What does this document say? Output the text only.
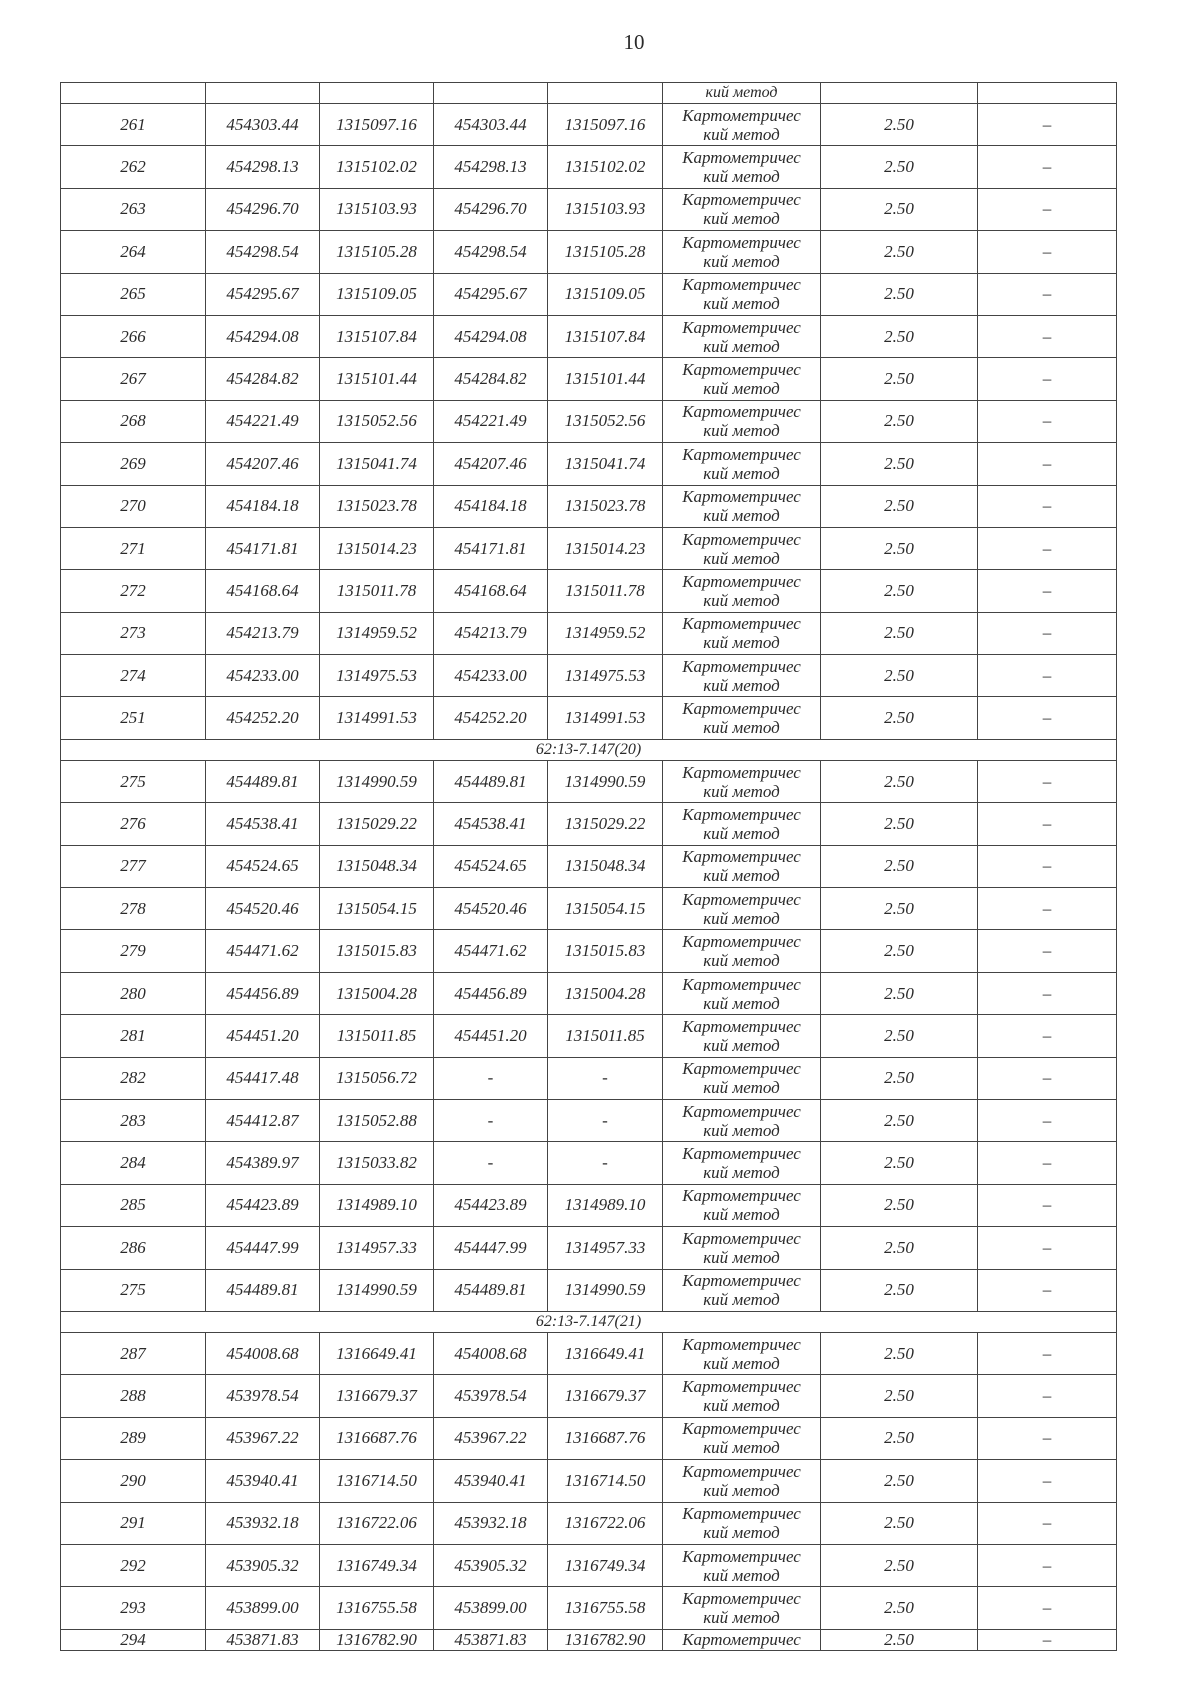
10
					кий метод		
261	454303.44	1315097.16	454303.44	1315097.16	Картометричес
кий метод	2.50	–
262	454298.13	1315102.02	454298.13	1315102.02	Картометричес
кий метод	2.50	–
263	454296.70	1315103.93	454296.70	1315103.93	Картометричес
кий метод	2.50	–
264	454298.54	1315105.28	454298.54	1315105.28	Картометричес
кий метод	2.50	–
265	454295.67	1315109.05	454295.67	1315109.05	Картометричес
кий метод	2.50	–
266	454294.08	1315107.84	454294.08	1315107.84	Картометричес
кий метод	2.50	–
267	454284.82	1315101.44	454284.82	1315101.44	Картометричес
кий метод	2.50	–
268	454221.49	1315052.56	454221.49	1315052.56	Картометричес
кий метод	2.50	–
269	454207.46	1315041.74	454207.46	1315041.74	Картометричес
кий метод	2.50	–
270	454184.18	1315023.78	454184.18	1315023.78	Картометричес
кий метод	2.50	–
271	454171.81	1315014.23	454171.81	1315014.23	Картометричес
кий метод	2.50	–
272	454168.64	1315011.78	454168.64	1315011.78	Картометричес
кий метод	2.50	–
273	454213.79	1314959.52	454213.79	1314959.52	Картометричес
кий метод	2.50	–
274	454233.00	1314975.53	454233.00	1314975.53	Картометричес
кий метод	2.50	–
251	454252.20	1314991.53	454252.20	1314991.53	Картометричес
кий метод	2.50	–
62:13-7.147(20)							
275	454489.81	1314990.59	454489.81	1314990.59	Картометричес
кий метод	2.50	–
276	454538.41	1315029.22	454538.41	1315029.22	Картометричес
кий метод	2.50	–
277	454524.65	1315048.34	454524.65	1315048.34	Картометричес
кий метод	2.50	–
278	454520.46	1315054.15	454520.46	1315054.15	Картометричес
кий метод	2.50	–
279	454471.62	1315015.83	454471.62	1315015.83	Картометричес
кий метод	2.50	–
280	454456.89	1315004.28	454456.89	1315004.28	Картометричес
кий метод	2.50	–
281	454451.20	1315011.85	454451.20	1315011.85	Картометричес
кий метод	2.50	–
282	454417.48	1315056.72	-	-	Картометричес
кий метод	2.50	–
283	454412.87	1315052.88	-	-	Картометричес
кий метод	2.50	–
284	454389.97	1315033.82	-	-	Картометричес
кий метод	2.50	–
285	454423.89	1314989.10	454423.89	1314989.10	Картометричес
кий метод	2.50	–
286	454447.99	1314957.33	454447.99	1314957.33	Картометричес
кий метод	2.50	–
275	454489.81	1314990.59	454489.81	1314990.59	Картометричес
кий метод	2.50	–
62:13-7.147(21)							
287	454008.68	1316649.41	454008.68	1316649.41	Картометричес
кий метод	2.50	–
288	453978.54	1316679.37	453978.54	1316679.37	Картометричес
кий метод	2.50	–
289	453967.22	1316687.76	453967.22	1316687.76	Картометричес
кий метод	2.50	–
290	453940.41	1316714.50	453940.41	1316714.50	Картометричес
кий метод	2.50	–
291	453932.18	1316722.06	453932.18	1316722.06	Картометричес
кий метод	2.50	–
292	453905.32	1316749.34	453905.32	1316749.34	Картометричес
кий метод	2.50	–
293	453899.00	1316755.58	453899.00	1316755.58	Картометричес
кий метод	2.50	–
294	453871.83	1316782.90	453871.83	1316782.90	Картометричес	2.50	–
